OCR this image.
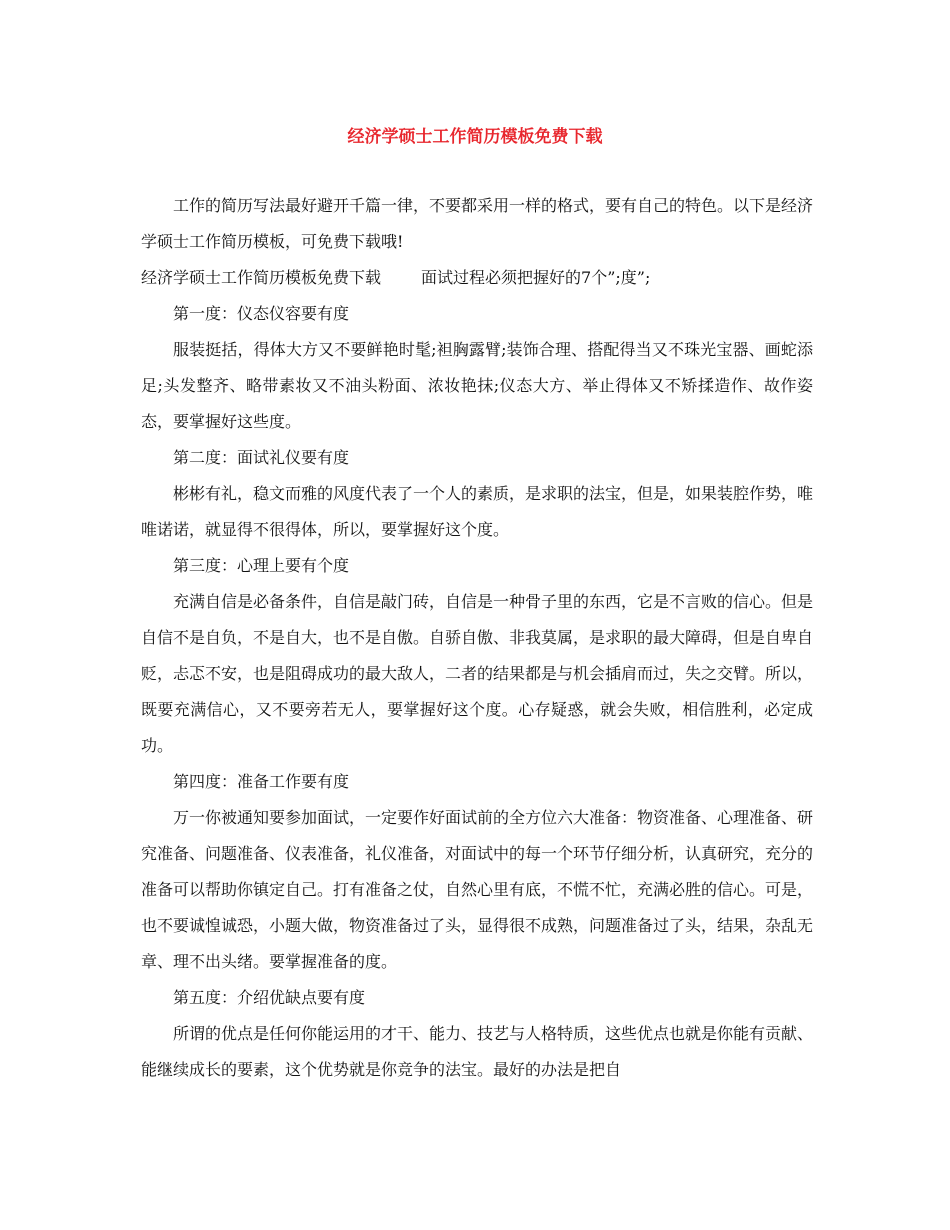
经济学硕士工作简历模板免费下载

工作的简历写法最好避开千篇一律，不要都采用一样的格式，要有自己的特色。以下是经济学硕士工作简历模板，可免费下载哦!

经济学硕士工作简历模板免费下载	面试过程必须把握好的7个”;度”;

第一度：仪态仪容要有度

服装挺括，得体大方又不要鲜艳时髦;袒胸露臂;装饰合理、搭配得当又不珠光宝器、画蛇添足;头发整齐、略带素妆又不油头粉面、浓妆艳抹;仪态大方、举止得体又不矫揉造作、故作姿态，要掌握好这些度。

第二度：面试礼仪要有度

彬彬有礼，稳文而雅的风度代表了一个人的素质，是求职的法宝，但是，如果装腔作势，唯唯诺诺，就显得不很得体，所以，要掌握好这个度。

第三度：心理上要有个度

充满自信是必备条件，自信是敲门砖，自信是一种骨子里的东西，它是不言败的信心。但是自信不是自负，不是自大，也不是自傲。自骄自傲、非我莫属，是求职的最大障碍，但是自卑自贬，忐忑不安，也是阻碍成功的最大敌人，二者的结果都是与机会插肩而过，失之交臂。所以，既要充满信心，又不要旁若无人，要掌握好这个度。心存疑惑，就会失败，相信胜利，必定成功。

第四度：准备工作要有度

万一你被通知要参加面试，一定要作好面试前的全方位六大准备：物资准备、心理准备、研究准备、问题准备、仪表准备，礼仪准备，对面试中的每一个环节仔细分析，认真研究，充分的准备可以帮助你镇定自己。打有准备之仗，自然心里有底，不慌不忙，充满必胜的信心。可是，也不要诚惶诚恐，小题大做，物资准备过了头，显得很不成熟，问题准备过了头，结果，杂乱无章、理不出头绪。要掌握准备的度。

第五度：介绍优缺点要有度

所谓的优点是任何你能运用的才干、能力、技艺与人格特质，这些优点也就是你能有贡献、能继续成长的要素，这个优势就是你竞争的法宝。最好的办法是把自
